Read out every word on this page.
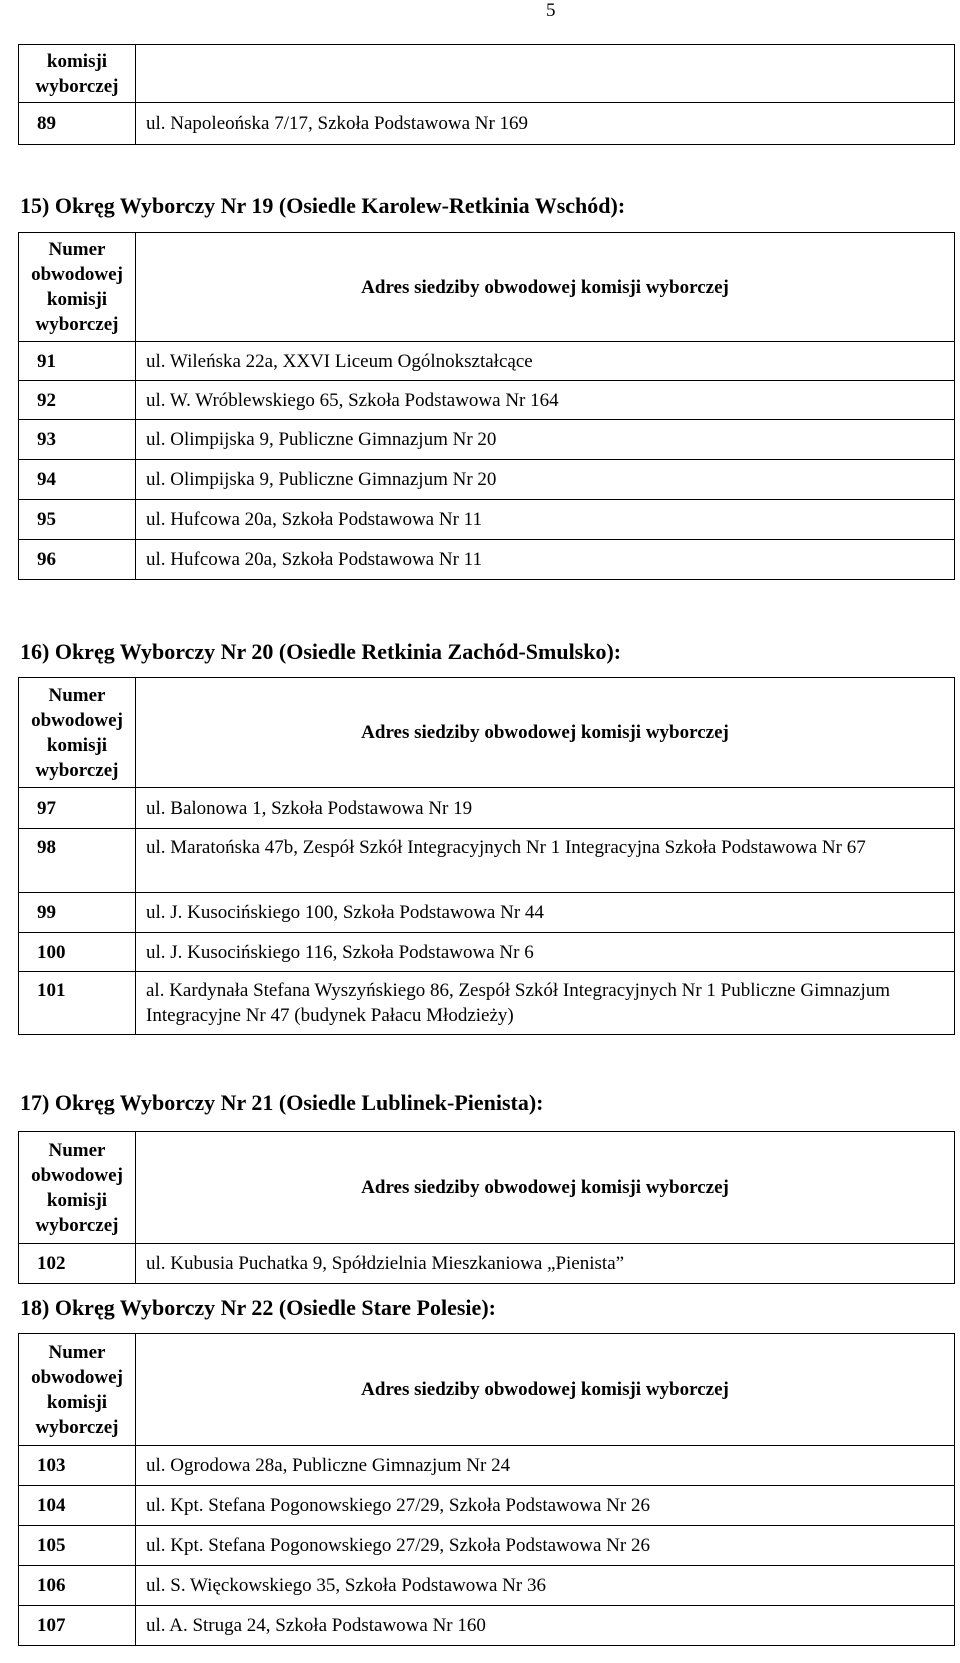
5
komisji
wyborczej	

89	ul. Napoleońska 7/17, Szkoła Podstawowa Nr 169
15) Okręg Wyborczy Nr 19 (Osiedle Karolew-Retkinia Wschód):
Numer
obwodowej
komisji
wyborczej	Adres siedziby obwodowej komisji wyborczej
91	ul. Wileńska 22a, XXVI Liceum Ogólnokształcące
92	ul. W. Wróblewskiego 65, Szkoła Podstawowa Nr 164
93	ul. Olimpijska 9, Publiczne Gimnazjum Nr 20
94	ul. Olimpijska 9, Publiczne Gimnazjum Nr 20
95	ul. Hufcowa 20a, Szkoła Podstawowa Nr 11
96	ul. Hufcowa 20a, Szkoła Podstawowa Nr 11
16) Okręg Wyborczy Nr 20 (Osiedle Retkinia Zachód-Smulsko):
Numer
obwodowej
komisji
wyborczej	Adres siedziby obwodowej komisji wyborczej
97	ul. Balonowa 1, Szkoła Podstawowa Nr 19
98	ul. Maratońska 47b, Zespół Szkół Integracyjnych Nr 1 Integracyjna Szkoła Podstawowa Nr 67
99	ul. J. Kusocińskiego 100, Szkoła Podstawowa Nr 44
100	ul. J. Kusocińskiego 116, Szkoła Podstawowa Nr 6
101	al. Kardynała Stefana Wyszyńskiego 86, Zespół Szkół Integracyjnych Nr 1 Publiczne Gimnazjum Integracyjne Nr 47 (budynek Pałacu Młodzieży)
17) Okręg Wyborczy Nr 21 (Osiedle Lublinek-Pienista):
Numer
obwodowej
komisji
wyborczej	Adres siedziby obwodowej komisji wyborczej
102	ul. Kubusia Puchatka 9, Spółdzielnia Mieszkaniowa „Pienista”
18) Okręg Wyborczy Nr 22 (Osiedle Stare Polesie):
Numer
obwodowej
komisji
wyborczej	Adres siedziby obwodowej komisji wyborczej
103	ul. Ogrodowa 28a, Publiczne Gimnazjum Nr 24
104	ul. Kpt. Stefana Pogonowskiego 27/29, Szkoła Podstawowa Nr 26
105	ul. Kpt. Stefana Pogonowskiego 27/29, Szkoła Podstawowa Nr 26
106	ul. S. Więckowskiego 35, Szkoła Podstawowa Nr 36
107	ul. A. Struga 24, Szkoła Podstawowa Nr 160
